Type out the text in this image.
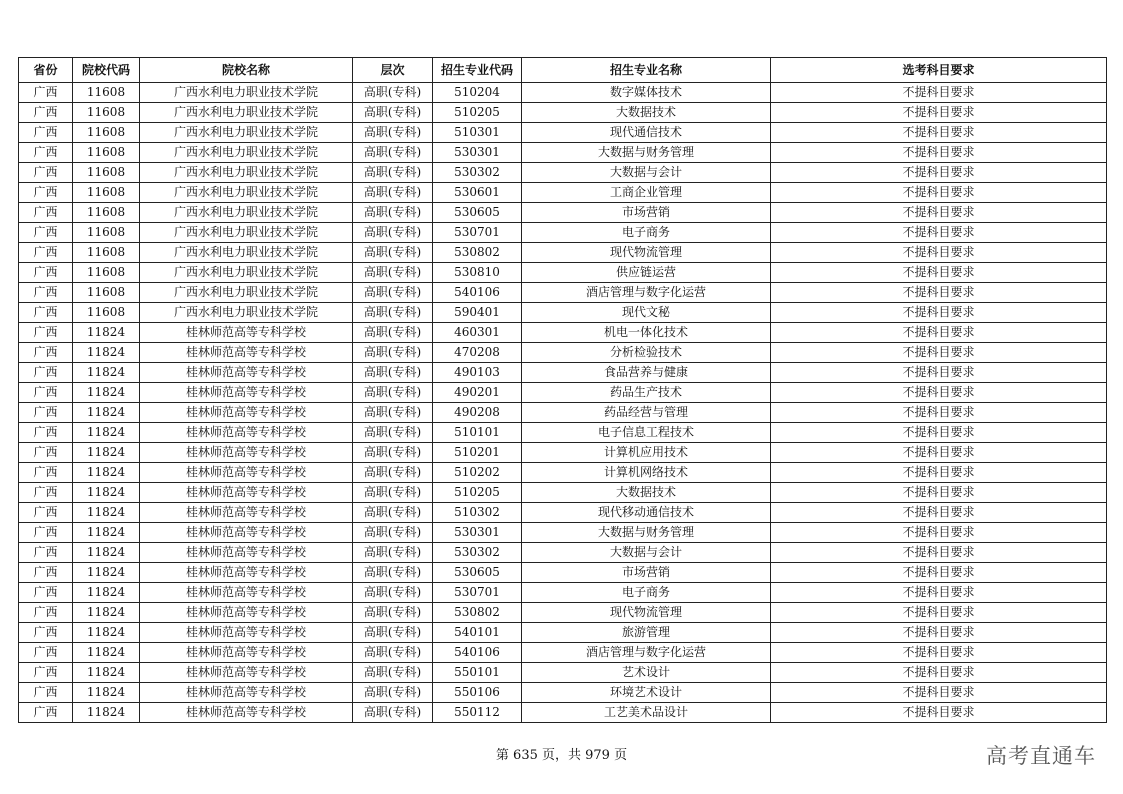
省份	院校代码	院校名称	层次	招生专业代码	招生专业名称	选考科目要求
广西	11608	广西水利电力职业技术学院	高职(专科)	510204	数字媒体技术	不提科目要求
广西	11608	广西水利电力职业技术学院	高职(专科)	510205	大数据技术	不提科目要求
广西	11608	广西水利电力职业技术学院	高职(专科)	510301	现代通信技术	不提科目要求
广西	11608	广西水利电力职业技术学院	高职(专科)	530301	大数据与财务管理	不提科目要求
广西	11608	广西水利电力职业技术学院	高职(专科)	530302	大数据与会计	不提科目要求
广西	11608	广西水利电力职业技术学院	高职(专科)	530601	工商企业管理	不提科目要求
广西	11608	广西水利电力职业技术学院	高职(专科)	530605	市场营销	不提科目要求
广西	11608	广西水利电力职业技术学院	高职(专科)	530701	电子商务	不提科目要求
广西	11608	广西水利电力职业技术学院	高职(专科)	530802	现代物流管理	不提科目要求
广西	11608	广西水利电力职业技术学院	高职(专科)	530810	供应链运营	不提科目要求
广西	11608	广西水利电力职业技术学院	高职(专科)	540106	酒店管理与数字化运营	不提科目要求
广西	11608	广西水利电力职业技术学院	高职(专科)	590401	现代文秘	不提科目要求
广西	11824	桂林师范高等专科学校	高职(专科)	460301	机电一体化技术	不提科目要求
广西	11824	桂林师范高等专科学校	高职(专科)	470208	分析检验技术	不提科目要求
广西	11824	桂林师范高等专科学校	高职(专科)	490103	食品营养与健康	不提科目要求
广西	11824	桂林师范高等专科学校	高职(专科)	490201	药品生产技术	不提科目要求
广西	11824	桂林师范高等专科学校	高职(专科)	490208	药品经营与管理	不提科目要求
广西	11824	桂林师范高等专科学校	高职(专科)	510101	电子信息工程技术	不提科目要求
广西	11824	桂林师范高等专科学校	高职(专科)	510201	计算机应用技术	不提科目要求
广西	11824	桂林师范高等专科学校	高职(专科)	510202	计算机网络技术	不提科目要求
广西	11824	桂林师范高等专科学校	高职(专科)	510205	大数据技术	不提科目要求
广西	11824	桂林师范高等专科学校	高职(专科)	510302	现代移动通信技术	不提科目要求
广西	11824	桂林师范高等专科学校	高职(专科)	530301	大数据与财务管理	不提科目要求
广西	11824	桂林师范高等专科学校	高职(专科)	530302	大数据与会计	不提科目要求
广西	11824	桂林师范高等专科学校	高职(专科)	530605	市场营销	不提科目要求
广西	11824	桂林师范高等专科学校	高职(专科)	530701	电子商务	不提科目要求
广西	11824	桂林师范高等专科学校	高职(专科)	530802	现代物流管理	不提科目要求
广西	11824	桂林师范高等专科学校	高职(专科)	540101	旅游管理	不提科目要求
广西	11824	桂林师范高等专科学校	高职(专科)	540106	酒店管理与数字化运营	不提科目要求
广西	11824	桂林师范高等专科学校	高职(专科)	550101	艺术设计	不提科目要求
广西	11824	桂林师范高等专科学校	高职(专科)	550106	环境艺术设计	不提科目要求
广西	11824	桂林师范高等专科学校	高职(专科)	550112	工艺美术品设计	不提科目要求
第 635 页，共 979 页	高考直通车
